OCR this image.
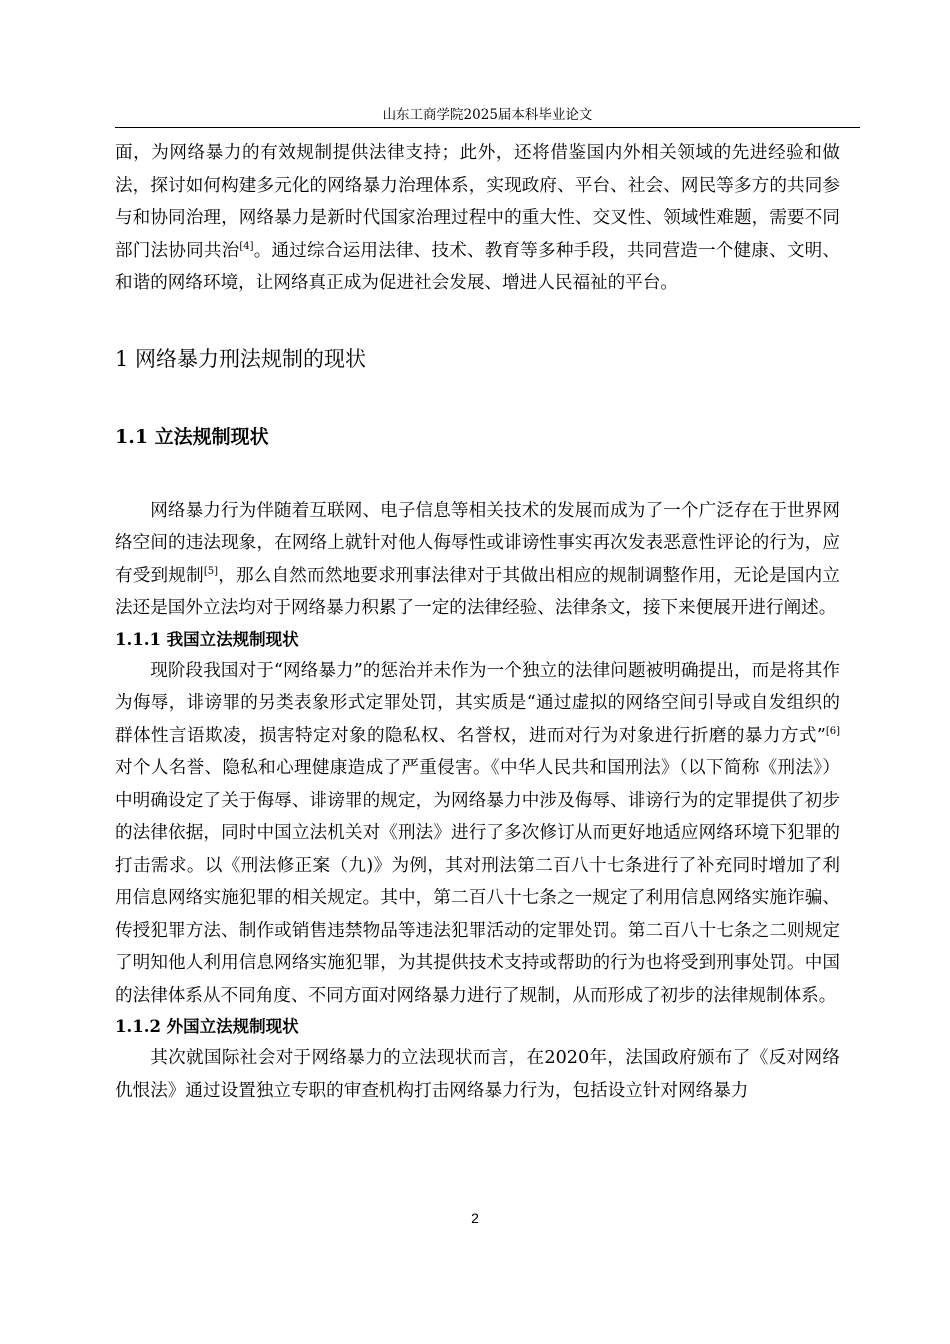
山东工商学院2025届本科毕业论文

面，为网络暴力的有效规制提供法律支持；此外，还将借鉴国内外相关领域的先进经验和做法，探讨如何构建多元化的网络暴力治理体系，实现政府、平台、社会、网民等多方的共同参与和协同治理，网络暴力是新时代国家治理过程中的重大性、交叉性、领域性难题，需要不同部门法协同共治[4]。通过综合运用法律、技术、教育等多种手段，共同营造一个健康、文明、和谐的网络环境，让网络真正成为促进社会发展、增进人民福祉的平台。

1 网络暴力刑法规制的现状
1.1 立法规制现状

网络暴力行为伴随着互联网、电子信息等相关技术的发展而成为了一个广泛存在于世界网络空间的违法现象，在网络上就针对他人侮辱性或诽谤性事实再次发表恶意性评论的行为，应有受到规制[5]，那么自然而然地要求刑事法律对于其做出相应的规制调整作用，无论是国内立法还是国外立法均对于网络暴力积累了一定的法律经验、法律条文，接下来便展开进行阐述。

1.1.1 我国立法规制现状

现阶段我国对于“网络暴力”的惩治并未作为一个独立的法律问题被明确提出，而是将其作为侮辱，诽谤罪的另类表象形式定罪处罚，其实质是“通过虚拟的网络空间引导或自发组织的群体性言语欺凌，损害特定对象的隐私权、名誉权，进而对行为对象进行折磨的暴力方式”[6]对个人名誉、隐私和心理健康造成了严重侵害。《中华人民共和国刑法》（以下简称《刑法》）中明确设定了关于侮辱、诽谤罪的规定，为网络暴力中涉及侮辱、诽谤行为的定罪提供了初步的法律依据，同时中国立法机关对《刑法》进行了多次修订从而更好地适应网络环境下犯罪的打击需求。以《刑法修正案（九)》为例，其对刑法第二百八十七条进行了补充同时增加了利用信息网络实施犯罪的相关规定。其中，第二百八十七条之一规定了利用信息网络实施诈骗、传授犯罪方法、制作或销售违禁物品等违法犯罪活动的定罪处罚。第二百八十七条之二则规定了明知他人利用信息网络实施犯罪，为其提供技术支持或帮助的行为也将受到刑事处罚。中国的法律体系从不同角度、不同方面对网络暴力进行了规制，从而形成了初步的法律规制体系。

1.1.2 外国立法规制现状

其次就国际社会对于网络暴力的立法现状而言，在2020年，法国政府颁布了《反对网络仇恨法》通过设置独立专职的审查机构打击网络暴力行为，包括设立针对网络暴力

2
